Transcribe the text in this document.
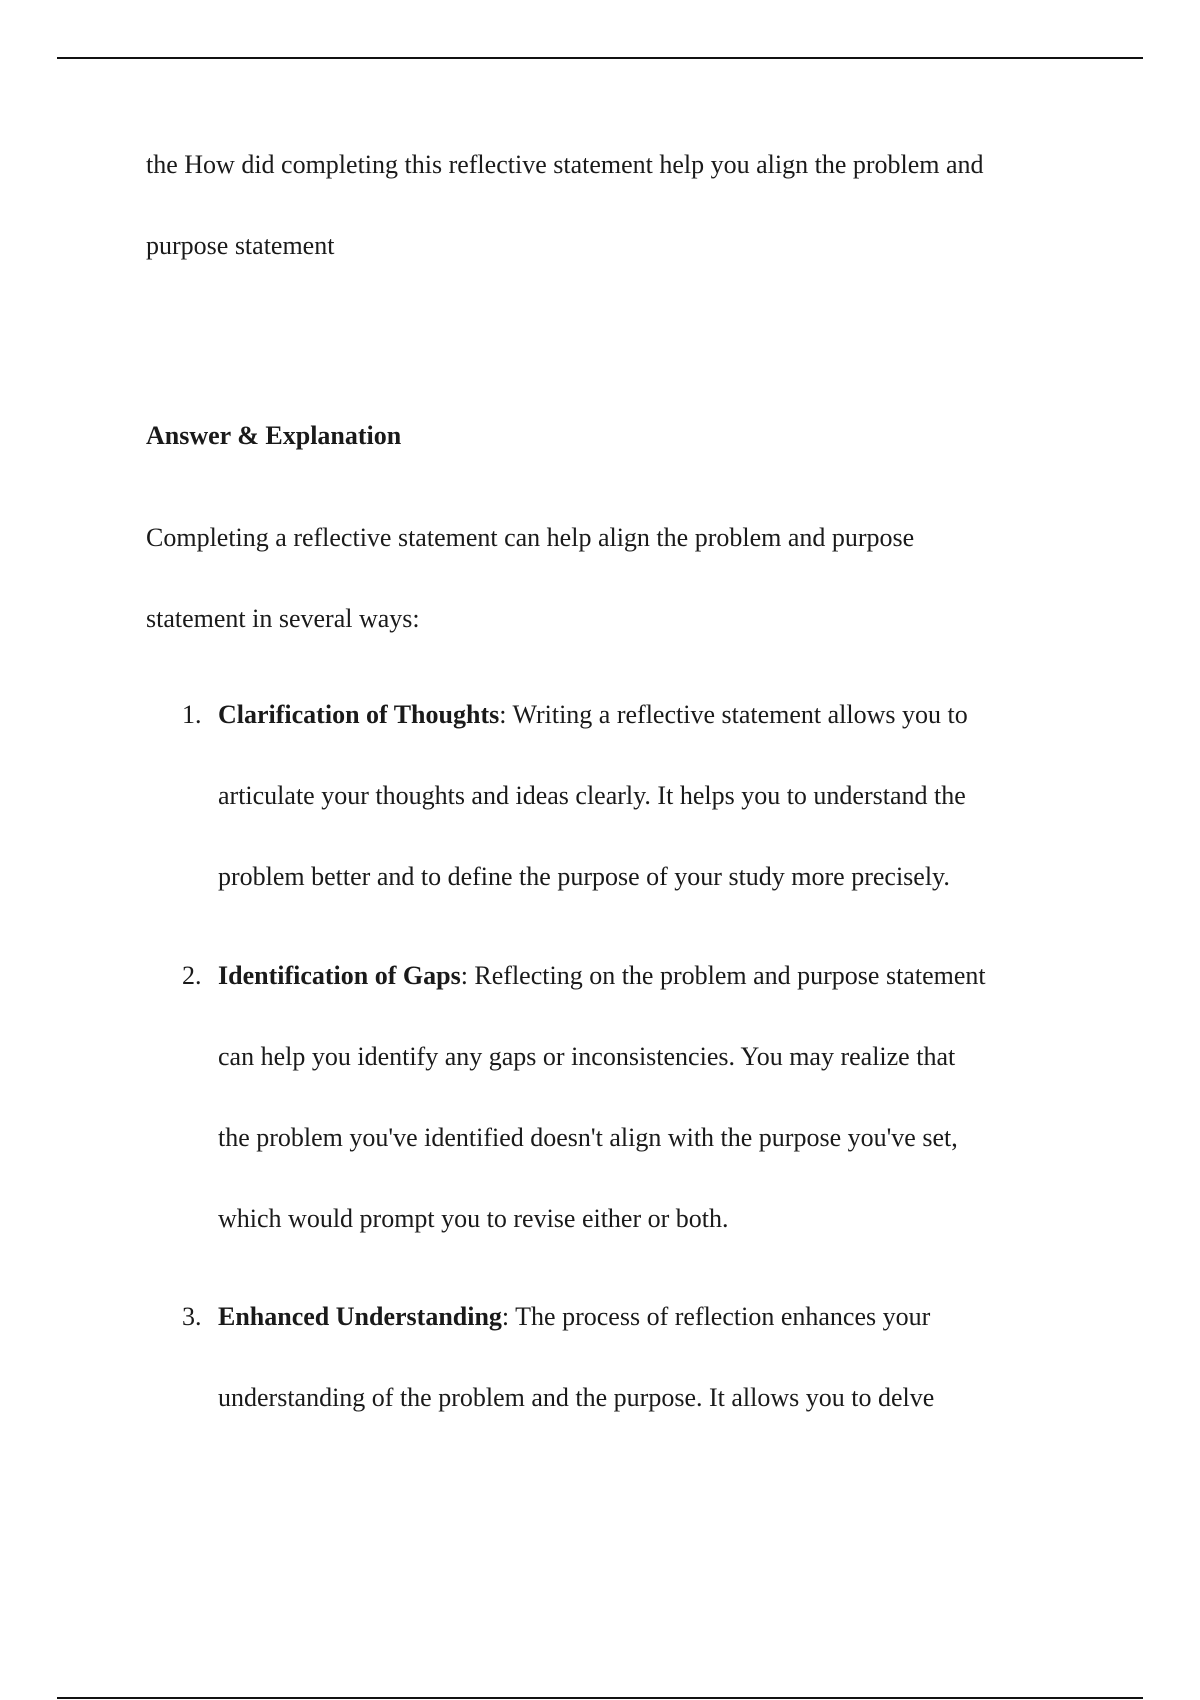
the How did completing this reflective statement help you align the problem and
purpose statement

Answer & Explanation

Completing a reflective statement can help align the problem and purpose
statement in several ways:

1. Clarification of Thoughts: Writing a reflective statement allows you to
articulate your thoughts and ideas clearly. It helps you to understand the
problem better and to define the purpose of your study more precisely.

2. Identification of Gaps: Reflecting on the problem and purpose statement
can help you identify any gaps or inconsistencies. You may realize that
the problem you've identified doesn't align with the purpose you've set,
which would prompt you to revise either or both.

3. Enhanced Understanding: The process of reflection enhances your
understanding of the problem and the purpose. It allows you to delve
